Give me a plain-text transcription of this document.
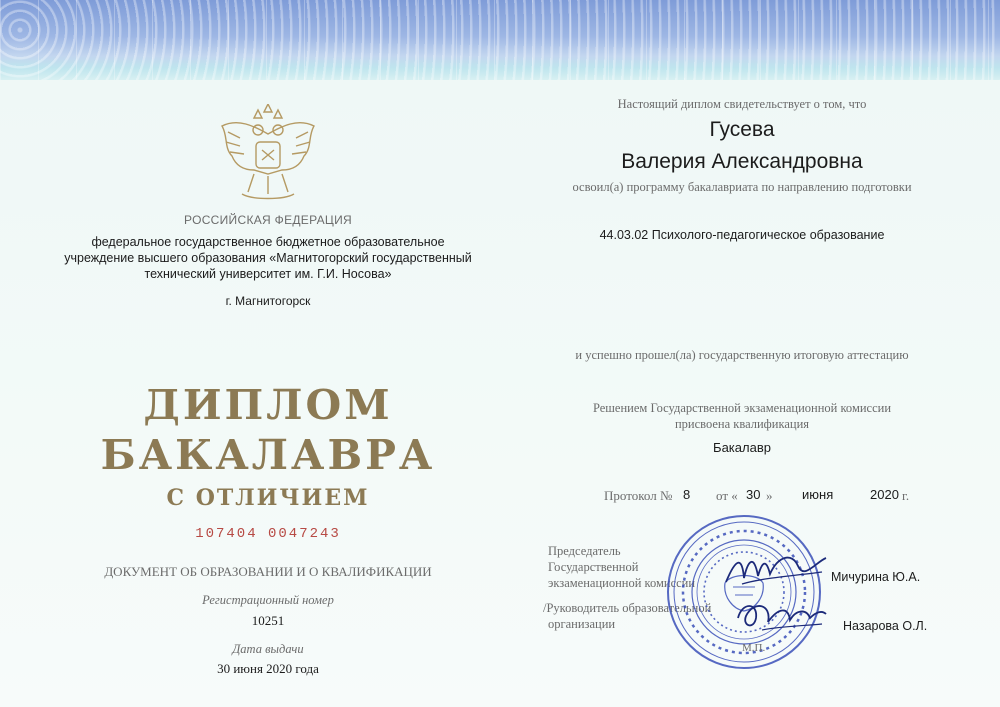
РОССИЙСКАЯ ФЕДЕРАЦИЯ
федеральное государственное бюджетное образовательное
учреждение высшего образования «Магнитогорский государственный
технический университет им. Г.И. Носова»
г. Магнитогорск
ДИПЛОМ
БАКАЛАВРА
С ОТЛИЧИЕМ
107404 0047243
ДОКУМЕНТ ОБ ОБРАЗОВАНИИ И О КВАЛИФИКАЦИИ
Регистрационный номер
10251
Дата выдачи
30 июня 2020 года
Настоящий диплом свидетельствует о том, что
Гусева
Валерия Александровна
освоил(а) программу бакалавриата по направлению подготовки
44.03.02 Психолого-педагогическое образование
и успешно прошел(ла) государственную итоговую аттестацию
Решением Государственной экзаменационной комиссии
присвоена квалификация
Бакалавр
Протокол № 8 от « 30 » июня	2020 г.
Председатель
Государственной
экзаменационной комиссии
/Руководитель образовательной
организации
М.П.
Мичурина Ю.А.
Назарова О.Л.
